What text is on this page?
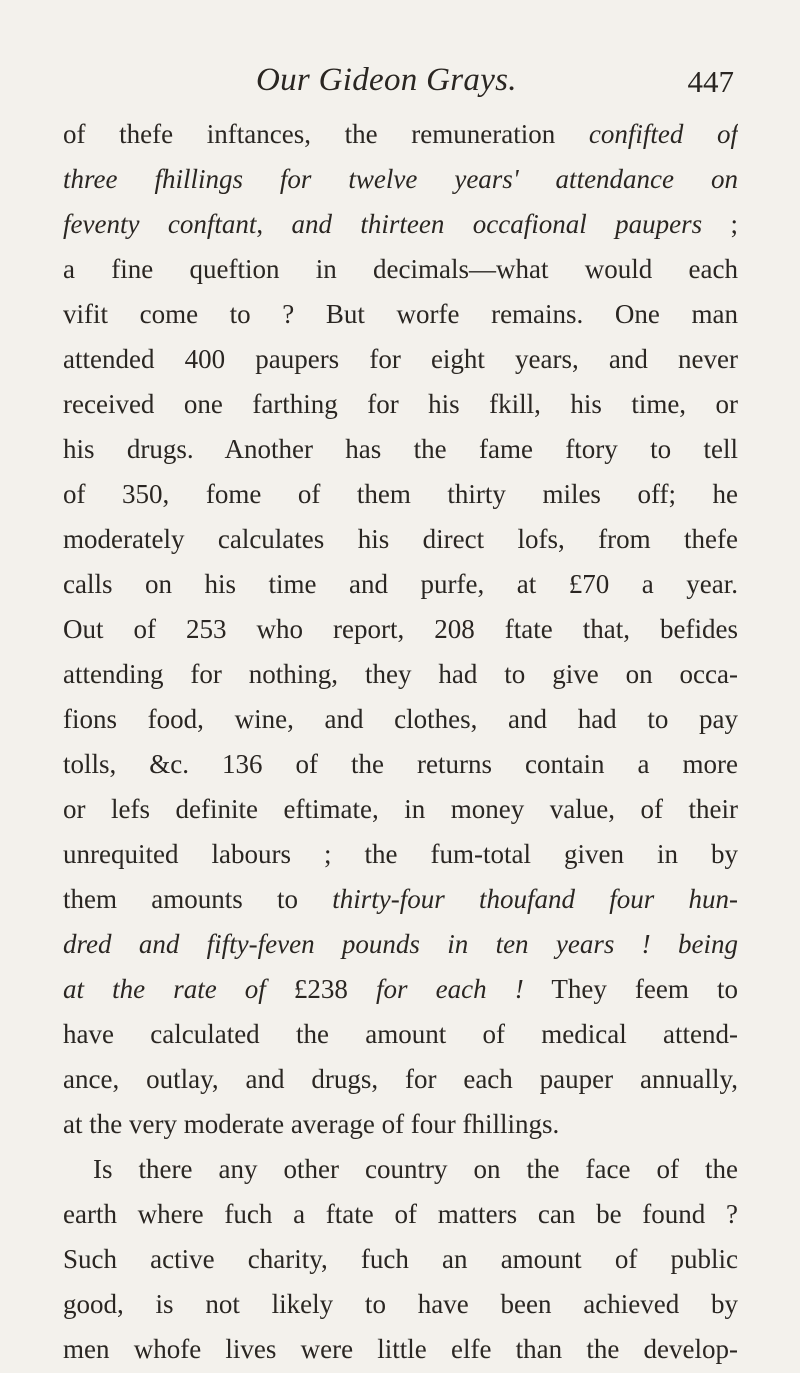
Our Gideon Grays.	447
of thefe inftances, the remuneration confifted of
three fhillings for twelve years' attendance on
feventy conftant, and thirteen occafional paupers ;
a fine queftion in decimals—what would each
vifit come to ? But worfe remains. One man
attended 400 paupers for eight years, and never
received one farthing for his fkill, his time, or
his drugs. Another has the fame ftory to tell
of 350, fome of them thirty miles off; he
moderately calculates his direct lofs, from thefe
calls on his time and purfe, at £70 a year.
Out of 253 who report, 208 ftate that, befides
attending for nothing, they had to give on occa-
fions food, wine, and clothes, and had to pay
tolls, &c. 136 of the returns contain a more
or lefs definite eftimate, in money value, of their
unrequited labours ; the fum-total given in by
them amounts to thirty-four thoufand four hun-
dred and fifty-feven pounds in ten years ! being
at the rate of £238 for each ! They feem to
have calculated the amount of medical attend-
ance, outlay, and drugs, for each pauper annually,
at the very moderate average of four fhillings.
Is there any other country on the face of the
earth where fuch a ftate of matters can be found ?
Such active charity, fuch an amount of public
good, is not likely to have been achieved by
men whofe lives were little elfe than the develop-
